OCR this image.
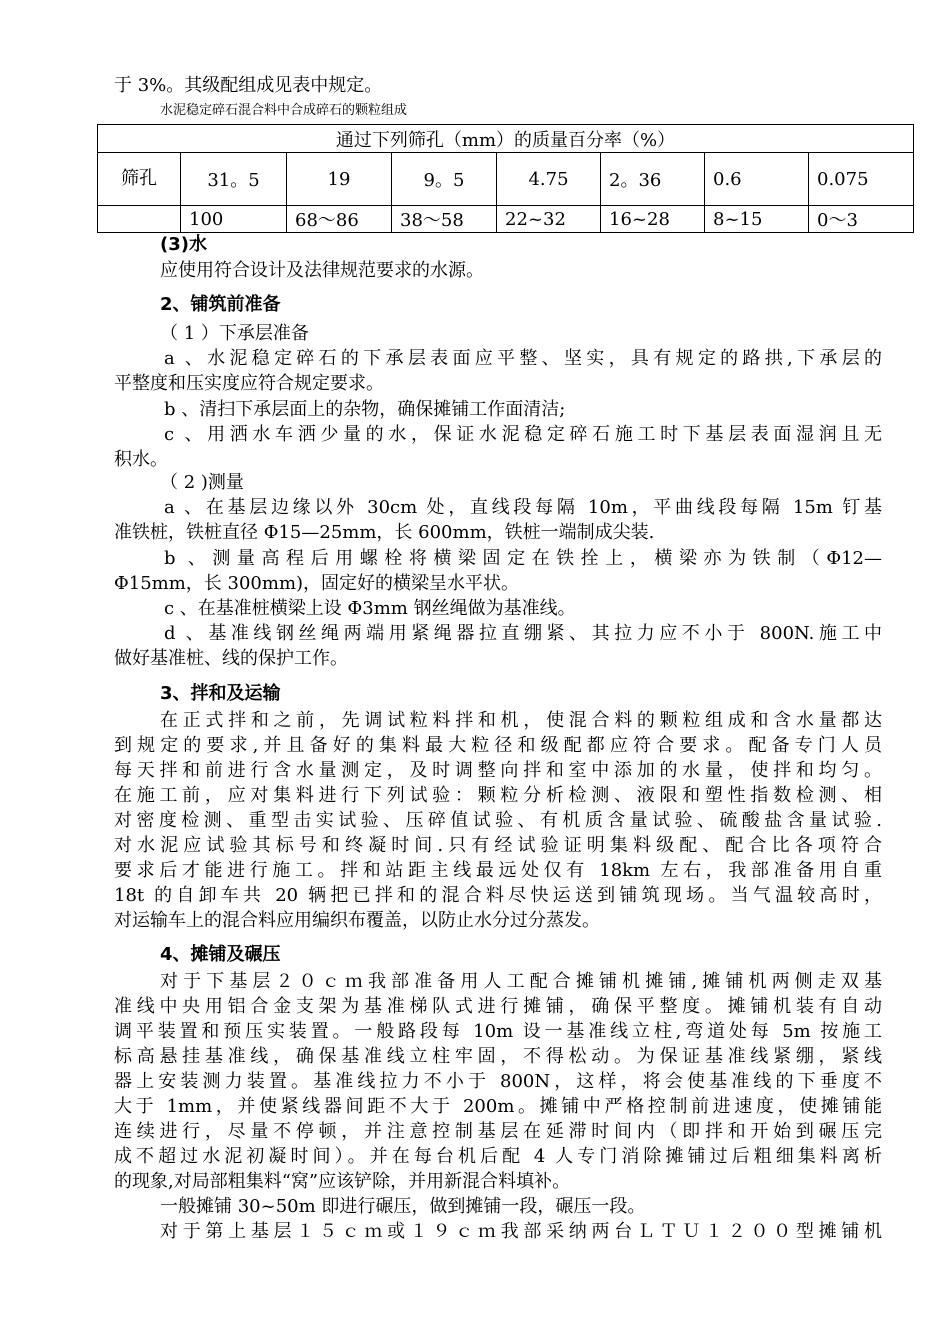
于 3%。其级配组成见表中规定。
水泥稳定碎石混合料中合成碎石的颗粒组成
通过下列筛孔（mm）的质量百分率（%）							
筛孔	31。5	19	9。5	4.75	2。36	0.6	0.075
	100	68～86	38～58	22~32	16~28	8~15	0～3
(3)水
应使用符合设计及法律规范要求的水源。
2、铺筑前准备
（ 1 ）下承层准备
a 、水泥稳定碎石的下承层表面应平整、坚实，具有规定的路拱,下承层的
平整度和压实度应符合规定要求。
b 、清扫下承层面上的杂物，确保摊铺工作面清洁;
c 、用洒水车洒少量的水，保证水泥稳定碎石施工时下基层表面湿润且无
积水。
（ 2 )测量
a 、在基层边缘以外 30cm 处，直线段每隔 10m，平曲线段每隔 15m 钉基
准铁桩，铁桩直径 Φ15—25mm，长 600mm，铁桩一端制成尖装.
b 、测量高程后用螺栓将横梁固定在铁拴上，横梁亦为铁制（Φ12—
Φ15mm，长 300mm)，固定好的横梁呈水平状。
c 、在基准桩横梁上设 Φ3mm 钢丝绳做为基准线。
d 、基准线钢丝绳两端用紧绳器拉直绷紧、其拉力应不小于 800N.施工中
做好基准桩、线的保护工作。
3、拌和及运输
在正式拌和之前，先调试粒料拌和机，使混合料的颗粒组成和含水量都达
到规定的要求,并且备好的集料最大粒径和级配都应符合要求。配备专门人员
每天拌和前进行含水量测定，及时调整向拌和室中添加的水量，使拌和均匀。
在施工前，应对集料进行下列试验：颗粒分析检测、液限和塑性指数检测、相
对密度检测、重型击实试验、压碎值试验、有机质含量试验、硫酸盐含量试验.
对水泥应试验其标号和终凝时间.只有经试验证明集料级配、配合比各项符合
要求后才能进行施工。拌和站距主线最远处仅有 18km 左右，我部准备用自重
18t 的自卸车共 20 辆把已拌和的混合料尽快运送到铺筑现场。当气温较高时，
对运输车上的混合料应用编织布覆盖，以防止水分过分蒸发。
4、摊铺及碾压
对于下基层２０ｃｍ我部准备用人工配合摊铺机摊铺,摊铺机两侧走双基
准线中央用铝合金支架为基准梯队式进行摊铺，确保平整度。摊铺机装有自动
调平装置和预压实装置。一般路段每 10m 设一基准线立柱,弯道处每 5m 按施工
标高悬挂基准线，确保基准线立柱牢固，不得松动。为保证基准线紧绷，紧线
器上安装测力装置。基准线拉力不小于 800N，这样，将会使基准线的下垂度不
大于 1mm，并使紧线器间距不大于 200m。摊铺中严格控制前进速度，使摊铺能
连续进行，尽量不停顿，并注意控制基层在延滞时间内（即拌和开始到碾压完
成不超过水泥初凝时间）。并在每台机后配 4 人专门消除摊铺过后粗细集料离析
的现象,对局部粗集料“窝”应该铲除，并用新混合料填补。
一般摊铺 30~50m 即进行碾压，做到摊铺一段，碾压一段。
对于第上基层１５ｃｍ或１９ｃｍ我部采纳两台ＬＴＵ１２００型摊铺机
